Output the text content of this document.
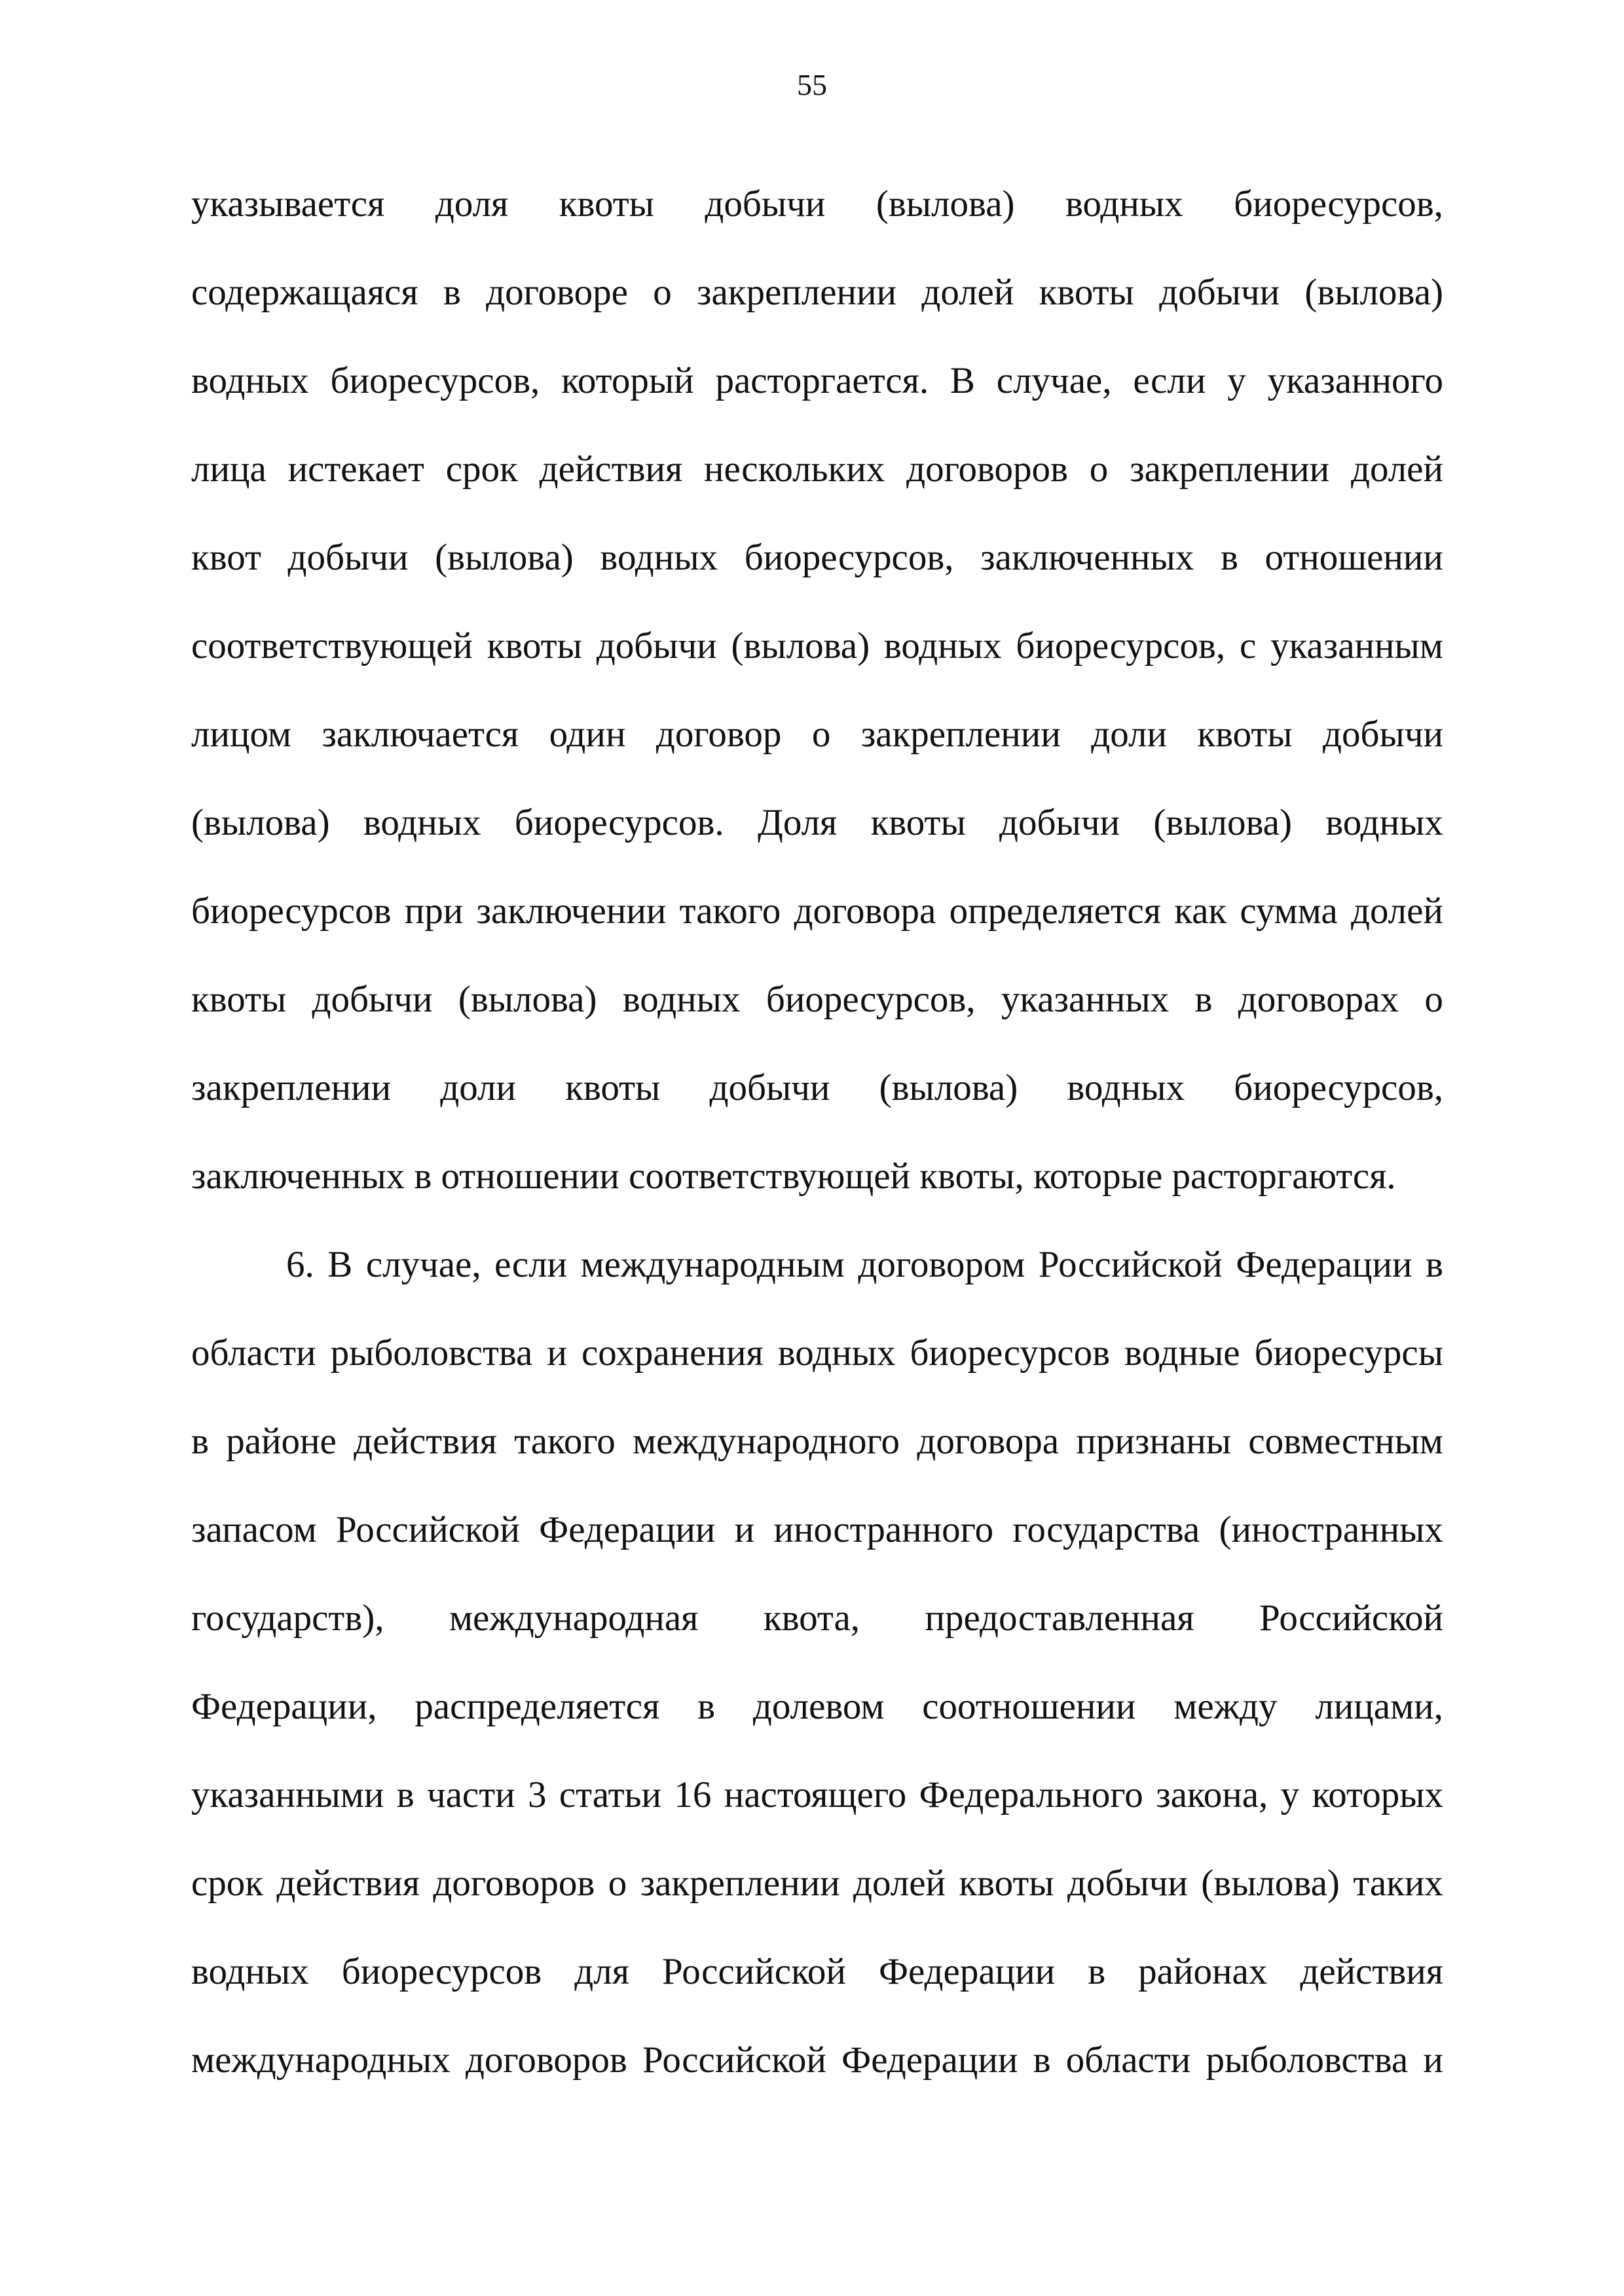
55
указывается доля квоты добычи (вылова) водных биоресурсов,
содержащаяся в договоре о закреплении долей квоты добычи (вылова)
водных биоресурсов, который расторгается. В случае, если у указанного
лица истекает срок действия нескольких договоров о закреплении долей
квот добычи (вылова) водных биоресурсов, заключенных в отношении
соответствующей квоты добычи (вылова) водных биоресурсов, с указанным
лицом заключается один договор о закреплении доли квоты добычи
(вылова) водных биоресурсов. Доля квоты добычи (вылова) водных
биоресурсов при заключении такого договора определяется как сумма долей
квоты добычи (вылова) водных биоресурсов, указанных в договорах о
закреплении доли квоты добычи (вылова) водных биоресурсов,
заключенных в отношении соответствующей квоты, которые расторгаются.
6. В случае, если международным договором Российской Федерации в
области рыболовства и сохранения водных биоресурсов водные биоресурсы
в районе действия такого международного договора признаны совместным
запасом Российской Федерации и иностранного государства (иностранных
государств), международная квота, предоставленная Российской
Федерации, распределяется в долевом соотношении между лицами,
указанными в части 3 статьи 16 настоящего Федерального закона, у которых
срок действия договоров о закреплении долей квоты добычи (вылова) таких
водных биоресурсов для Российской Федерации в районах действия
международных договоров Российской Федерации в области рыболовства и
